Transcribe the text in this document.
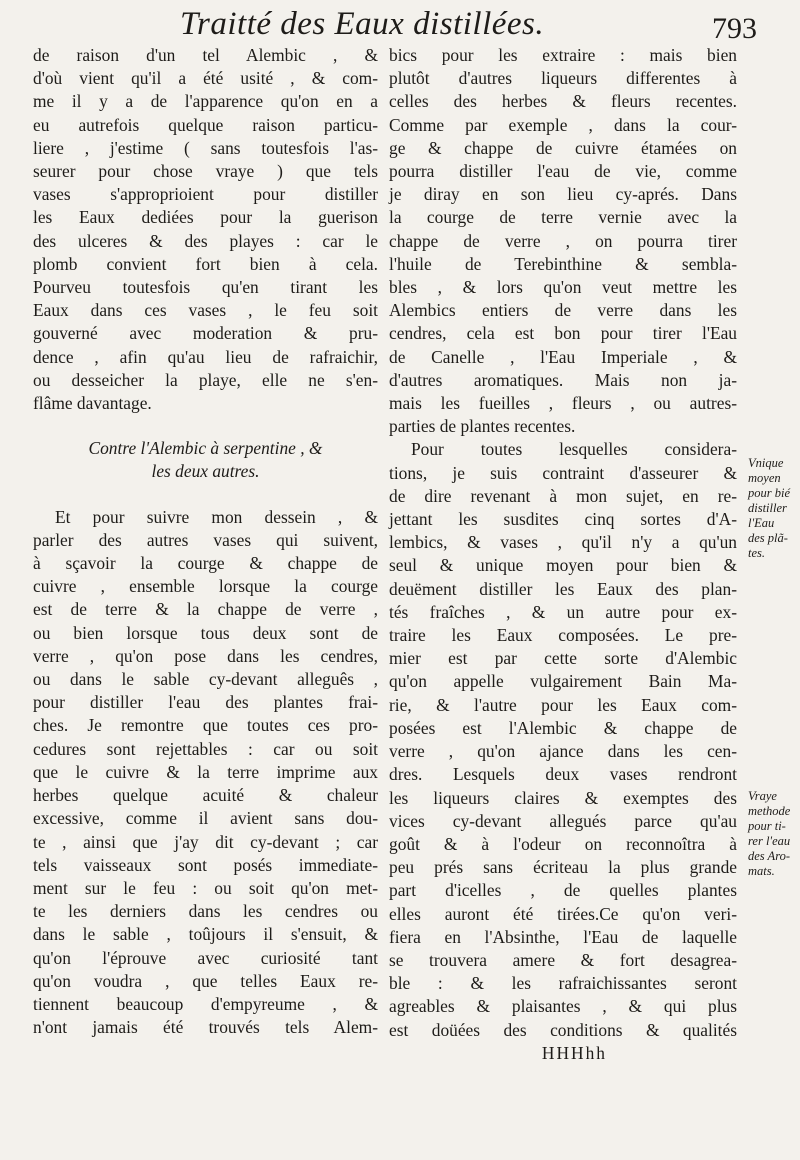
Traitté des Eaux distillées.	793
de raison d'un tel Alembic , &
d'où vient qu'il a été usité , & com-
me il y a de l'apparence qu'on en a
eu autrefois quelque raison particu-
liere , j'estime ( sans toutesfois l'as-
seurer pour chose vraye ) que tels
vases s'approprioient pour distiller
les Eaux dediées pour la guerison
des ulceres & des playes : car le
plomb convient fort bien à cela.
Pourveu toutesfois qu'en tirant les
Eaux dans ces vases , le feu soit
gouverné avec moderation & pru-
dence , afin qu'au lieu de rafraichir,
ou desseicher la playe, elle ne s'en-
flâme davantage.
Contre l'Alembic à serpentine , &
les deux autres.
Et pour suivre mon dessein , &
parler des autres vases qui suivent,
à sçavoir la courge & chappe de
cuivre , ensemble lorsque la courge
est de terre & la chappe de verre ,
ou bien lorsque tous deux sont de
verre , qu'on pose dans les cendres,
ou dans le sable cy-devant alleguês ,
pour distiller l'eau des plantes frai-
ches. Je remontre que toutes ces pro-
cedures sont rejettables : car ou soit
que le cuivre & la terre imprime aux
herbes quelque acuité & chaleur
excessive, comme il avient sans dou-
te , ainsi que j'ay dit cy-devant ; car
tels vaisseaux sont posés immediate-
ment sur le feu : ou soit qu'on met-
te les derniers dans les cendres ou
dans le sable , toûjours il s'ensuit, &
qu'on l'éprouve avec curiosité tant
qu'on voudra , que telles Eaux re-
tiennent beaucoup d'empyreume , &
n'ont jamais été trouvés tels Alem-
bics pour les extraire : mais bien
plutôt d'autres liqueurs differentes à
celles des herbes & fleurs recentes.
Comme par exemple , dans la cour-
ge & chappe de cuivre étamées on
pourra distiller l'eau de vie, comme
je diray en son lieu cy-aprés. Dans
la courge de terre vernie avec la
chappe de verre , on pourra tirer
l'huile de Terebinthine & sembla-
bles , & lors qu'on veut mettre les
Alembics entiers de verre dans les
cendres, cela est bon pour tirer l'Eau
de Canelle , l'Eau Imperiale , &
d'autres aromatiques. Mais non ja-
mais les fueilles , fleurs , ou autres-
parties de plantes recentes.
Pour toutes lesquelles considera-
tions, je suis contraint d'asseurer &
de dire revenant à mon sujet, en re-
jettant les susdites cinq sortes d'A-
lembics, & vases , qu'il n'y a qu'un
seul & unique moyen pour bien &
deuëment distiller les Eaux des plan-
tés fraîches , & un autre pour ex-
traire les Eaux composées. Le pre-
mier est par cette sorte d'Alembic
qu'on appelle vulgairement Bain Ma-
rie, & l'autre pour les Eaux com-
posées est l'Alembic & chappe de
verre , qu'on ajance dans les cen-
dres. Lesquels deux vases rendront
les liqueurs claires & exemptes des
vices cy-devant allegués parce qu'au
goût & à l'odeur on reconnoîtra à
peu prés sans écriteau la plus grande
part d'icelles , de quelles plantes
elles auront été tirées.Ce qu'on veri-
fiera en l'Absinthe, l'Eau de laquelle
se trouvera amere & fort desagrea-
ble : & les rafraichissantes seront
agreables & plaisantes , & qui plus
est doüées des conditions & qualités
HHHhh
Vnique
moyen
pour bié
distiller
l'Eau
des plã-
tes.
Vraye
methode
pour ti-
rer l'eau
des Aro-
mats.
